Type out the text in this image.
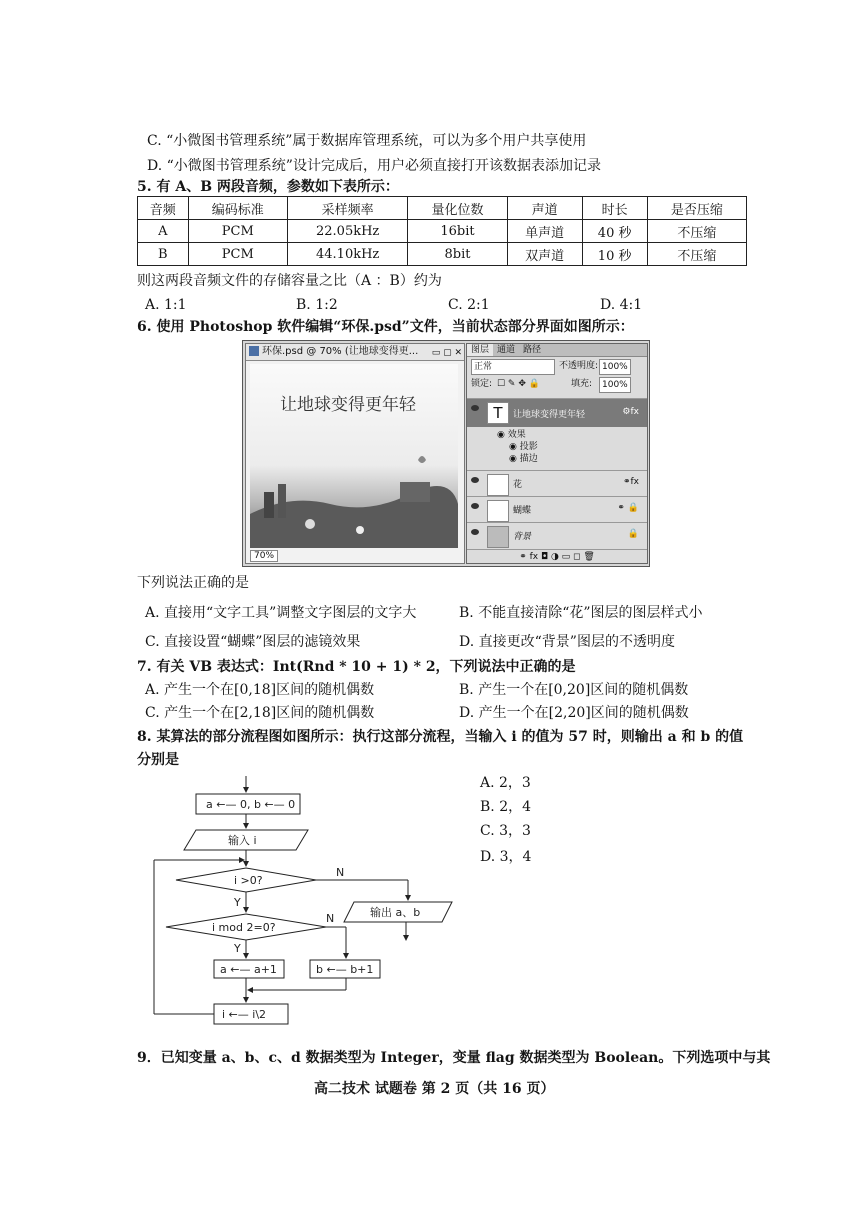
C. “小微图书管理系统”属于数据库管理系统，可以为多个用户共享使用
D. “小微图书管理系统”设计完成后，用户必须直接打开该数据表添加记录
5. 有 A、B 两段音频，参数如下表所示：
音频	编码标准	采样频率	量化位数	声道	时长	是否压缩
A	PCM	22.05kHz	16bit	单声道	40 秒	不压缩
B	PCM	44.10kHz	8bit	双声道	10 秒	不压缩
则这两段音频文件的存储容量之比（A ：B）约为
A. 1:1	B. 1:2	C. 2:1	D. 4:1
6. 使用 Photoshop 软件编辑“环保.psd”文件，当前状态部分界面如图所示：
环保.psd @ 70% (让地球变得更... ▭ ▢ ✕
让地球变得更年轻
70%
图层 通道 路径
正常	不透明度: 100%
锁定: ☐ ✎ ✥ 🔒	填充:	100%
T	让地球变得更年轻	⚙fx
◉ 效果
◉ 投影
◉ 描边
花	⚭fx
蝴蝶	⚭ 🔒
背景	🔒
⚭ fx ◘ ◑ ▭ ◻ 🗑
下列说法正确的是
A. 直接用“文字工具”调整文字图层的文字大	B. 不能直接清除“花”图层的图层样式小
C. 直接设置“蝴蝶”图层的滤镜效果	D. 直接更改“背景”图层的不透明度
7. 有关 VB 表达式：Int(Rnd * 10 + 1) * 2，下列说法中正确的是
A. 产生一个在[0,18]区间的随机偶数	B. 产生一个在[0,20]区间的随机偶数
C. 产生一个在[2,18]区间的随机偶数	D. 产生一个在[2,20]区间的随机偶数
8. 某算法的部分流程图如图所示：执行这部分流程，当输入 i 的值为 57 时，则输出 a 和 b 的值
分别是
A. 2，3
B. 2，4
C. 3，3
D. 3，4
a ←— 0, b ←— 0
输入 i
i >0?
N
输出 a、b
Y
i mod 2=0?
N
Y
a ←— a+1	b ←— b+1
i ←— i\2
9．已知变量 a、b、c、d 数据类型为 Integer，变量 flag 数据类型为 Boolean。下列选项中与其
高二技术 试题卷 第 2 页（共 16 页）
